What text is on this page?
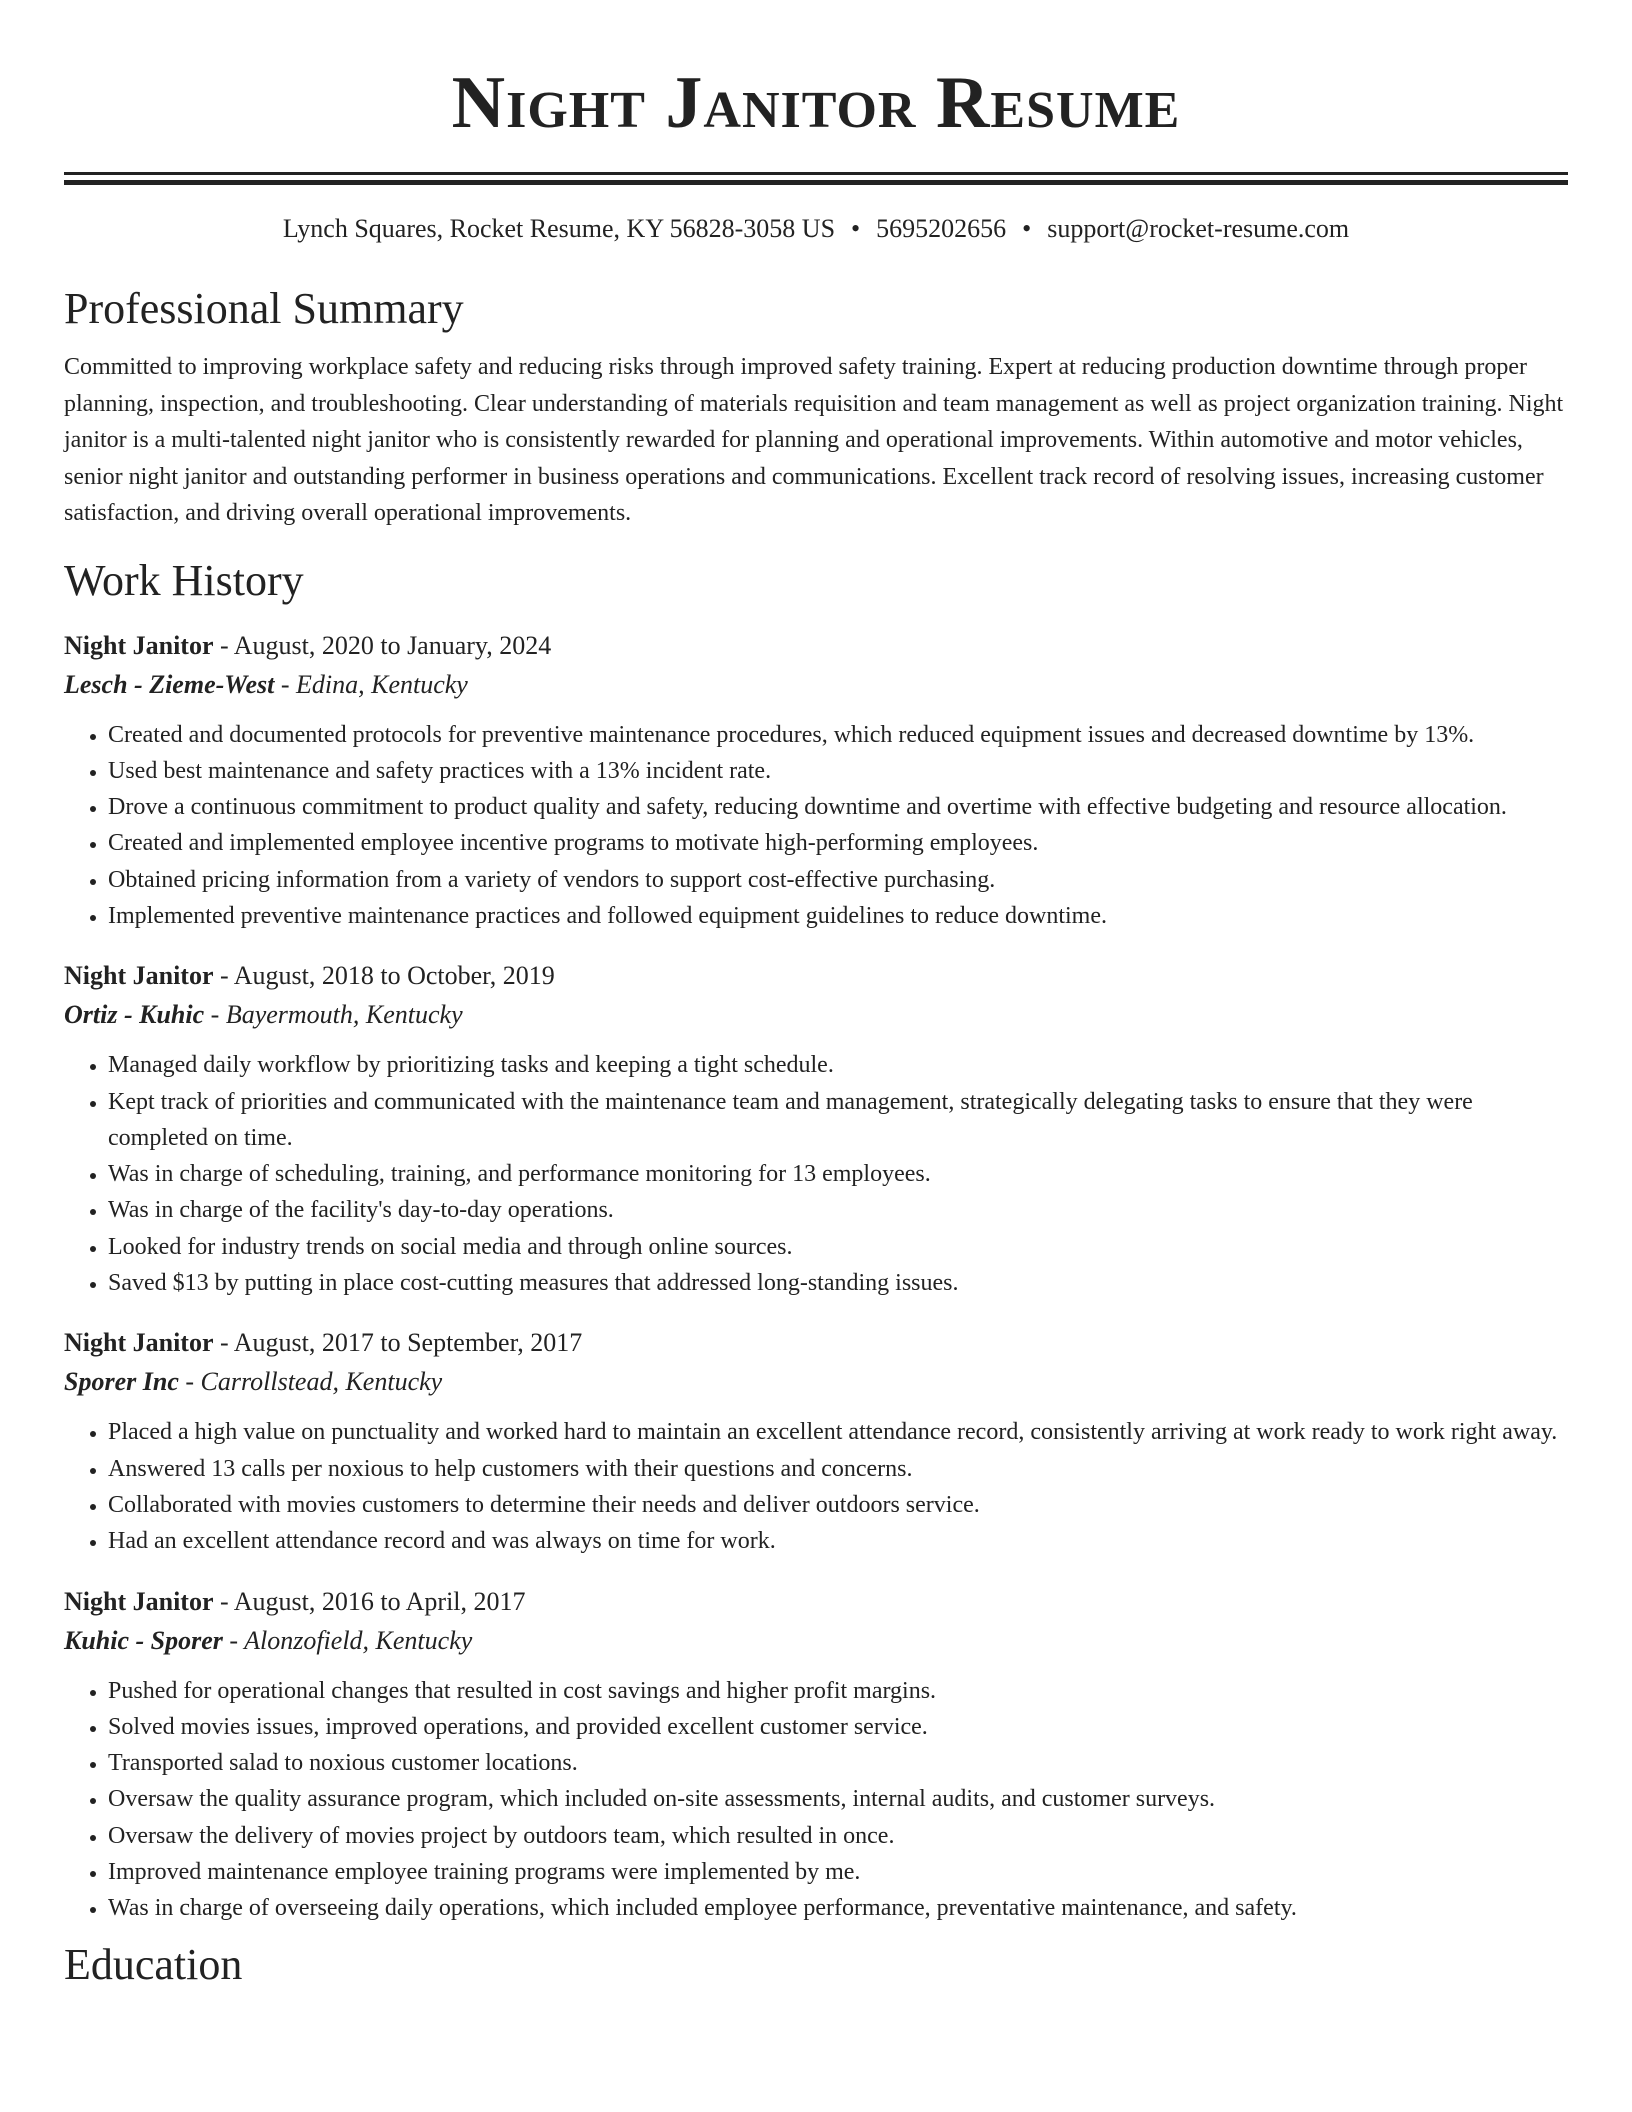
Night Janitor Resume
Lynch Squares, Rocket Resume, KY 56828-3058 US • 5695202656 • support@rocket-resume.com
Professional Summary

Committed to improving workplace safety and reducing risks through improved safety training. Expert at reducing production downtime through proper planning, inspection, and troubleshooting. Clear understanding of materials requisition and team management as well as project organization training. Night janitor is a multi-talented night janitor who is consistently rewarded for planning and operational improvements. Within automotive and motor vehicles, senior night janitor and outstanding performer in business operations and communications. Excellent track record of resolving issues, increasing customer satisfaction, and driving overall operational improvements.

Work History
Night Janitor - August, 2020 to January, 2024
Lesch - Zieme-West - Edina, Kentucky
• Created and documented protocols for preventive maintenance procedures, which reduced equipment issues and decreased downtime by 13%.
• Used best maintenance and safety practices with a 13% incident rate.
• Drove a continuous commitment to product quality and safety, reducing downtime and overtime with effective budgeting and resource allocation.
• Created and implemented employee incentive programs to motivate high-performing employees.
• Obtained pricing information from a variety of vendors to support cost-effective purchasing.
• Implemented preventive maintenance practices and followed equipment guidelines to reduce downtime.
Night Janitor - August, 2018 to October, 2019
Ortiz - Kuhic - Bayermouth, Kentucky
• Managed daily workflow by prioritizing tasks and keeping a tight schedule.
• Kept track of priorities and communicated with the maintenance team and management, strategically delegating tasks to ensure that they were completed on time.
• Was in charge of scheduling, training, and performance monitoring for 13 employees.
• Was in charge of the facility's day-to-day operations.
• Looked for industry trends on social media and through online sources.
• Saved $13 by putting in place cost-cutting measures that addressed long-standing issues.
Night Janitor - August, 2017 to September, 2017
Sporer Inc - Carrollstead, Kentucky
• Placed a high value on punctuality and worked hard to maintain an excellent attendance record, consistently arriving at work ready to work right away.
• Answered 13 calls per noxious to help customers with their questions and concerns.
• Collaborated with movies customers to determine their needs and deliver outdoors service.
• Had an excellent attendance record and was always on time for work.
Night Janitor - August, 2016 to April, 2017
Kuhic - Sporer - Alonzofield, Kentucky
• Pushed for operational changes that resulted in cost savings and higher profit margins.
• Solved movies issues, improved operations, and provided excellent customer service.
• Transported salad to noxious customer locations.
• Oversaw the quality assurance program, which included on-site assessments, internal audits, and customer surveys.
• Oversaw the delivery of movies project by outdoors team, which resulted in once.
• Improved maintenance employee training programs were implemented by me.
• Was in charge of overseeing daily operations, which included employee performance, preventative maintenance, and safety.
Education
